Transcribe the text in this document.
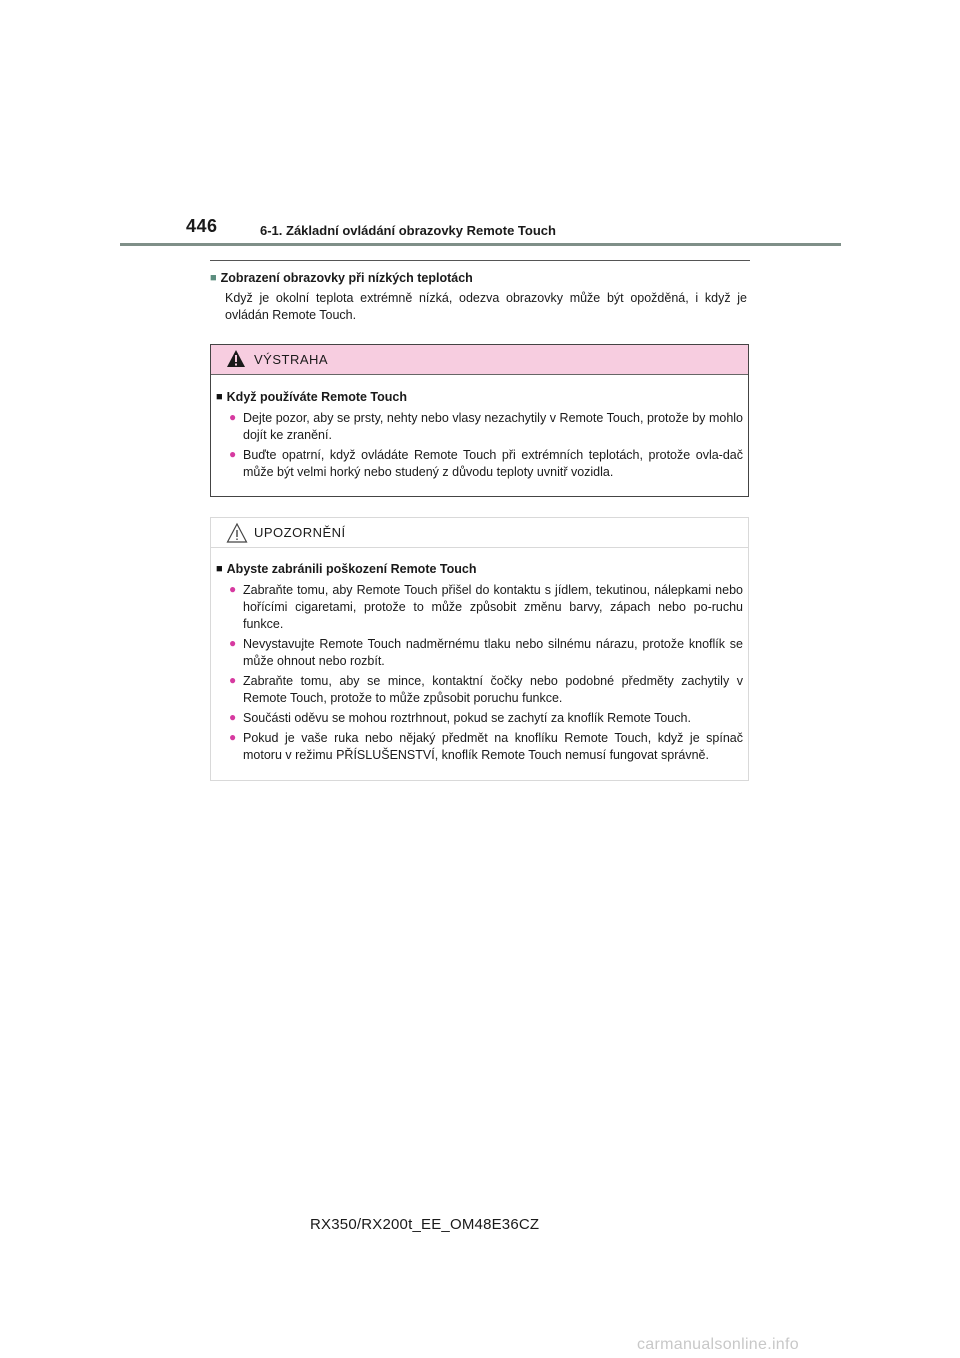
446	6-1. Základní ovládání obrazovky Remote Touch
■ Zobrazení obrazovky při nízkých teplotách
Když je okolní teplota extrémně nízká, odezva obrazovky může být opožděná, i když je ovládán Remote Touch.
VÝSTRAHA
■ Když používáte Remote Touch
● Dejte pozor, aby se prsty, nehty nebo vlasy nezachytily v Remote Touch, protože by mohlo dojít ke zranění.
● Buďte opatrní, když ovládáte Remote Touch při extrémních teplotách, protože ovla-dač může být velmi horký nebo studený z důvodu teploty uvnitř vozidla.
UPOZORNĚNÍ
■ Abyste zabránili poškození Remote Touch
● Zabraňte tomu, aby Remote Touch přišel do kontaktu s jídlem, tekutinou, nálepkami nebo hořícími cigaretami, protože to může způsobit změnu barvy, zápach nebo po-ruchu funkce.
● Nevystavujte Remote Touch nadměrnému tlaku nebo silnému nárazu, protože knoflík se může ohnout nebo rozbít.
● Zabraňte tomu, aby se mince, kontaktní čočky nebo podobné předměty zachytily v Remote Touch, protože to může způsobit poruchu funkce.
● Součásti oděvu se mohou roztrhnout, pokud se zachytí za knoflík Remote Touch.
● Pokud je vaše ruka nebo nějaký předmět na knoflíku Remote Touch, když je spínač motoru v režimu PŘÍSLUŠENSTVÍ, knoflík Remote Touch nemusí fungovat správně.
RX350/RX200t_EE_OM48E36CZ
carmanualsonline.info
